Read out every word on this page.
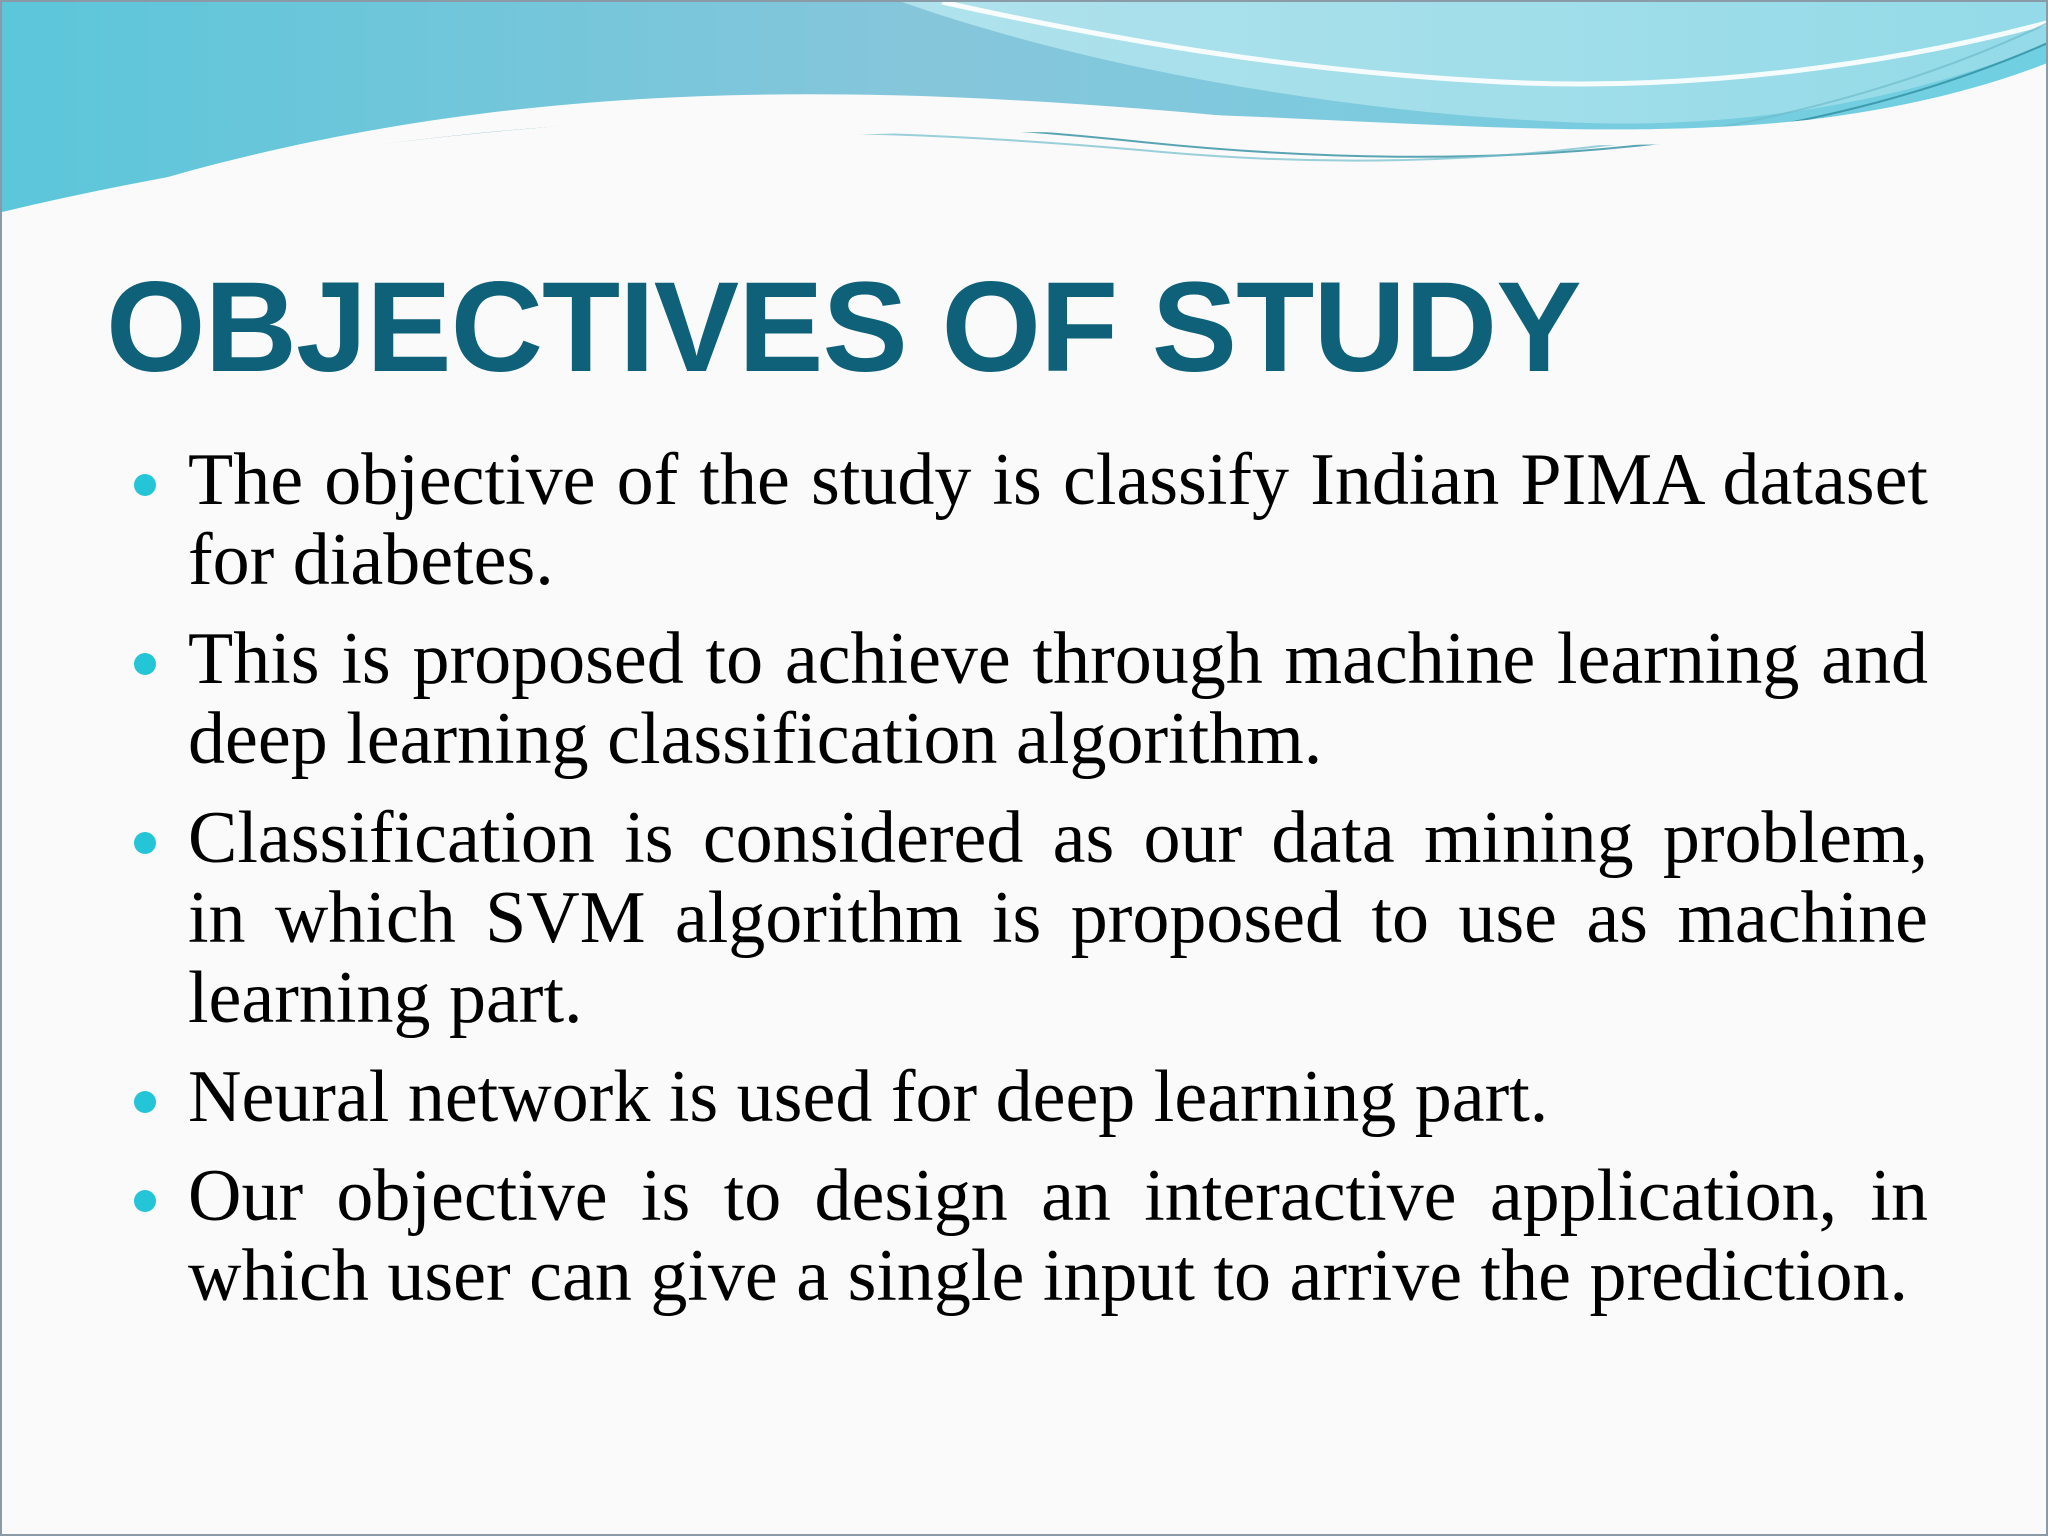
OBJECTIVES OF STUDY
The objective of the study is classify Indian PIMA dataset for diabetes.
This is proposed to achieve through machine learning and deep learning classification algorithm.
Classification is considered as our data mining problem, in which SVM algorithm is proposed to use as machine learning part.
Neural network is used for deep learning part.
Our objective is to design an interactive application, in which user can give a single input to arrive the prediction.
